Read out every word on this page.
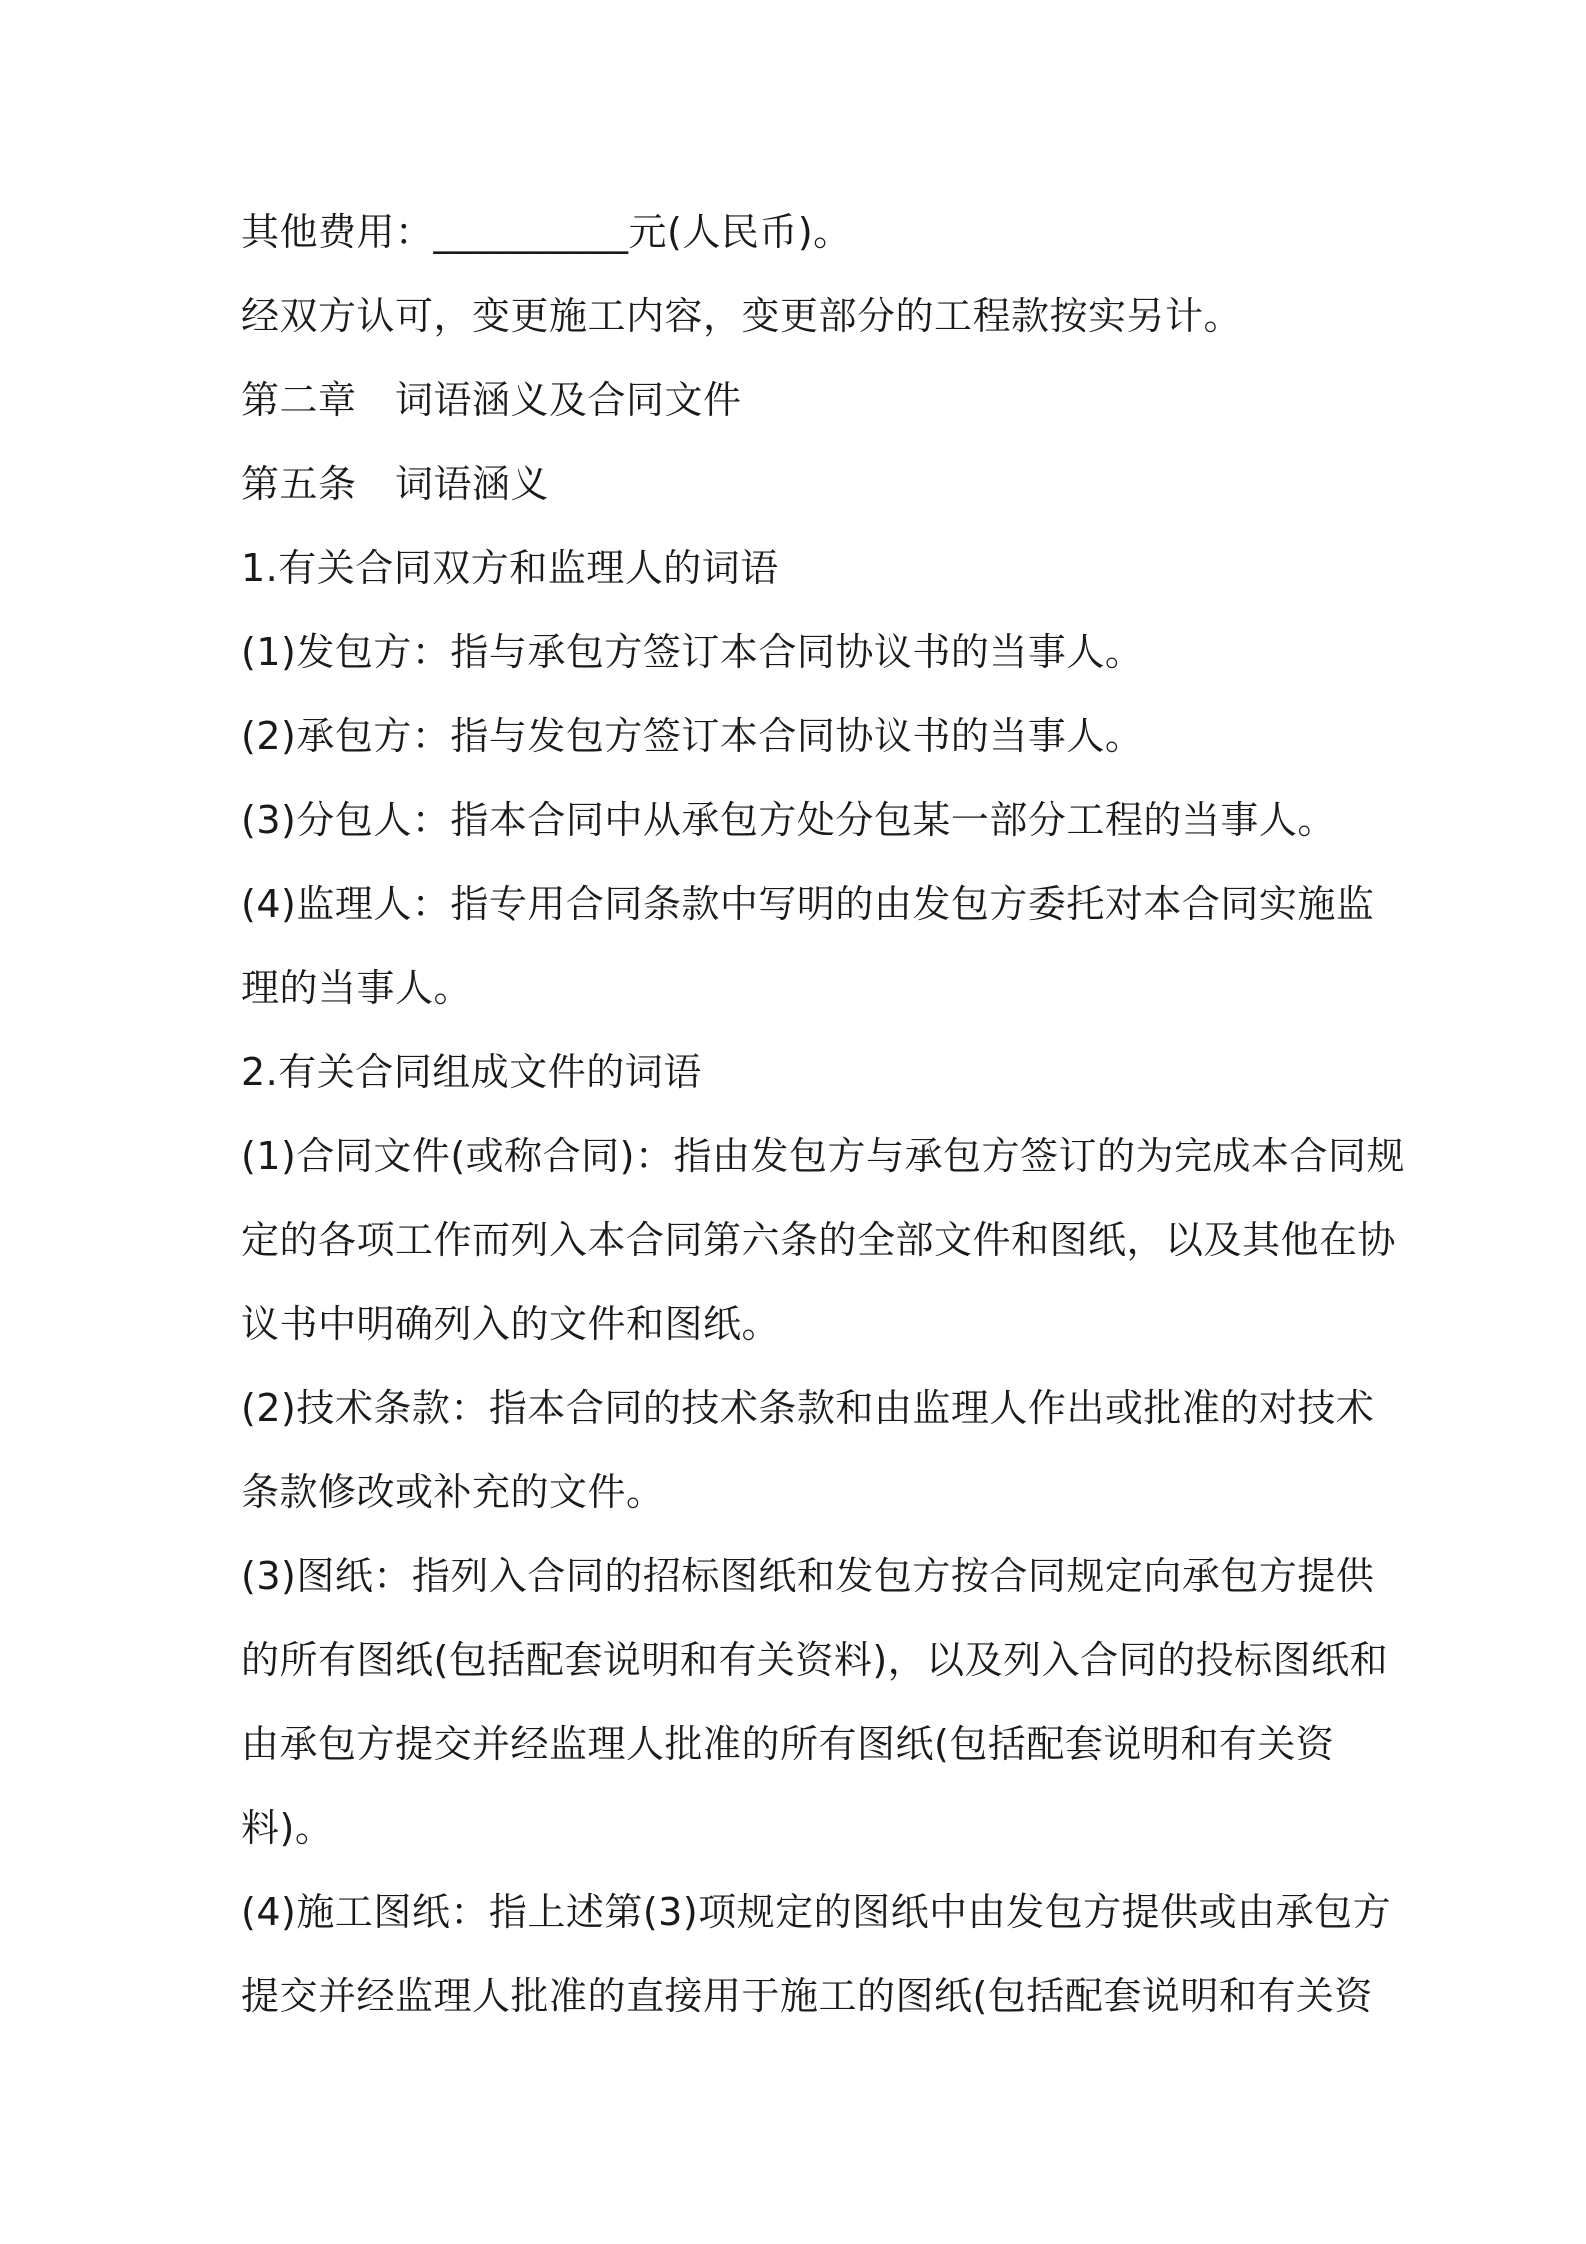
其他费用：__________元(人民币)。
经双方认可，变更施工内容，变更部分的工程款按实另计。
第二章　词语涵义及合同文件
第五条　词语涵义
1.有关合同双方和监理人的词语
(1)发包方：指与承包方签订本合同协议书的当事人。
(2)承包方：指与发包方签订本合同协议书的当事人。
(3)分包人：指本合同中从承包方处分包某一部分工程的当事人。
(4)监理人：指专用合同条款中写明的由发包方委托对本合同实施监
理的当事人。
2.有关合同组成文件的词语
(1)合同文件(或称合同)：指由发包方与承包方签订的为完成本合同规
定的各项工作而列入本合同第六条的全部文件和图纸，以及其他在协
议书中明确列入的文件和图纸。
(2)技术条款：指本合同的技术条款和由监理人作出或批准的对技术
条款修改或补充的文件。
(3)图纸：指列入合同的招标图纸和发包方按合同规定向承包方提供
的所有图纸(包括配套说明和有关资料)，以及列入合同的投标图纸和
由承包方提交并经监理人批准的所有图纸(包括配套说明和有关资
料)。
(4)施工图纸：指上述第(3)项规定的图纸中由发包方提供或由承包方
提交并经监理人批准的直接用于施工的图纸(包括配套说明和有关资
